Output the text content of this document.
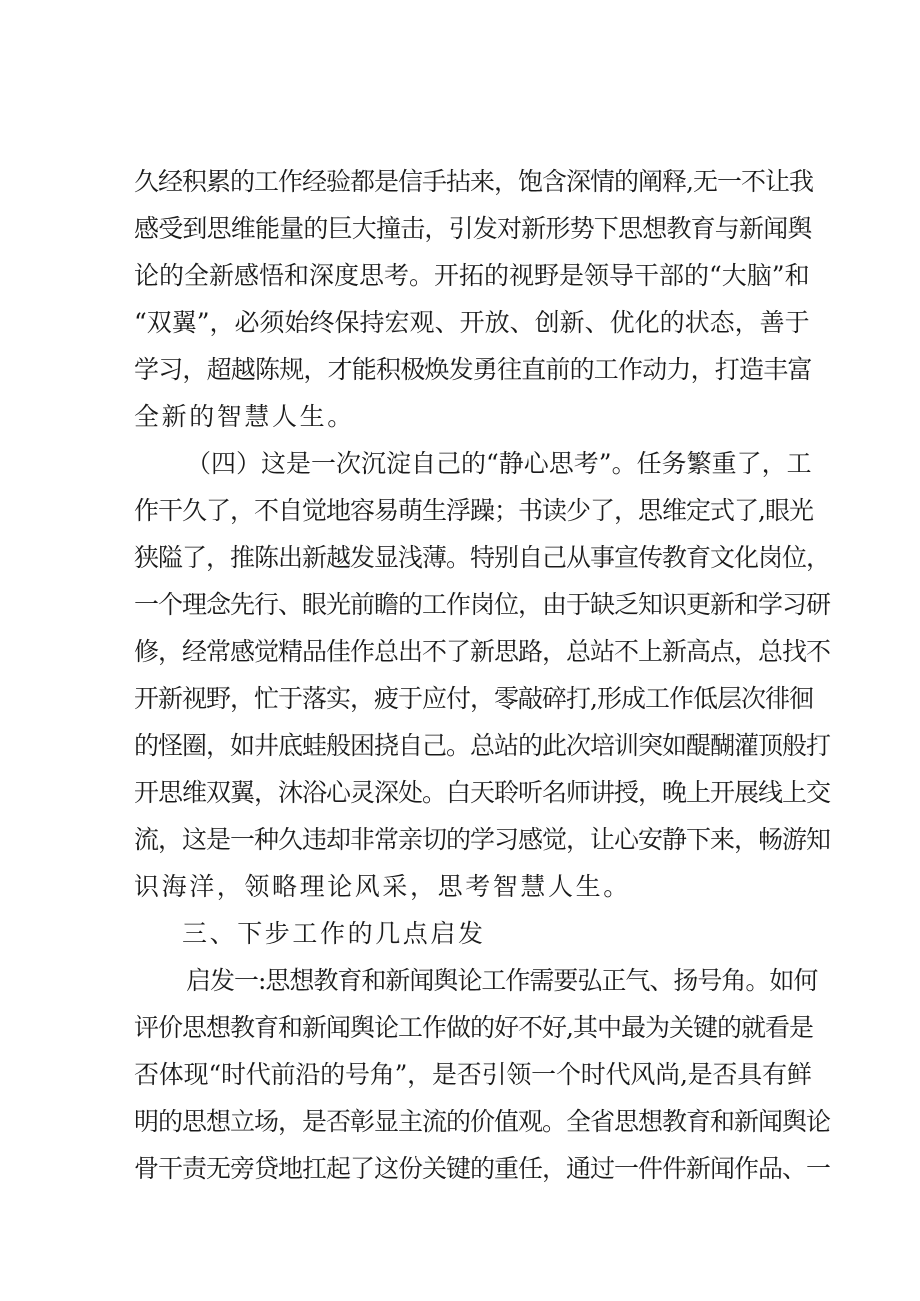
久经积累的工作经验都是信手拈来，饱含深情的阐释,无一不让我
感受到思维能量的巨大撞击，引发对新形势下思想教育与新闻舆
论的全新感悟和深度思考。开拓的视野是领导干部的“大脑”和
“双翼”，必须始终保持宏观、开放、创新、优化的状态，善于
学习，超越陈规，才能积极焕发勇往直前的工作动力，打造丰富
全新的智慧人生。
（四）这是一次沉淀自己的“静心思考”。任务繁重了，工
作干久了，不自觉地容易萌生浮躁；书读少了，思维定式了,眼光
狭隘了，推陈出新越发显浅薄。特别自己从事宣传教育文化岗位，
一个理念先行、眼光前瞻的工作岗位，由于缺乏知识更新和学习研
修，经常感觉精品佳作总出不了新思路，总站不上新高点，总找不
开新视野，忙于落实，疲于应付，零敲碎打,形成工作低层次徘徊
的怪圈，如井底蛙般困挠自己。总站的此次培训突如醍醐灌顶般打
开思维双翼，沐浴心灵深处。白天聆听名师讲授，晚上开展线上交
流，这是一种久违却非常亲切的学习感觉，让心安静下来，畅游知
识海洋，领略理论风采，思考智慧人生。
三、下步工作的几点启发
启发一:思想教育和新闻舆论工作需要弘正气、扬号角。如何
评价思想教育和新闻舆论工作做的好不好,其中最为关键的就看是
否体现“时代前沿的号角”，是否引领一个时代风尚,是否具有鲜
明的思想立场，是否彰显主流的价值观。全省思想教育和新闻舆论
骨干责无旁贷地扛起了这份关键的重任，通过一件件新闻作品、一
